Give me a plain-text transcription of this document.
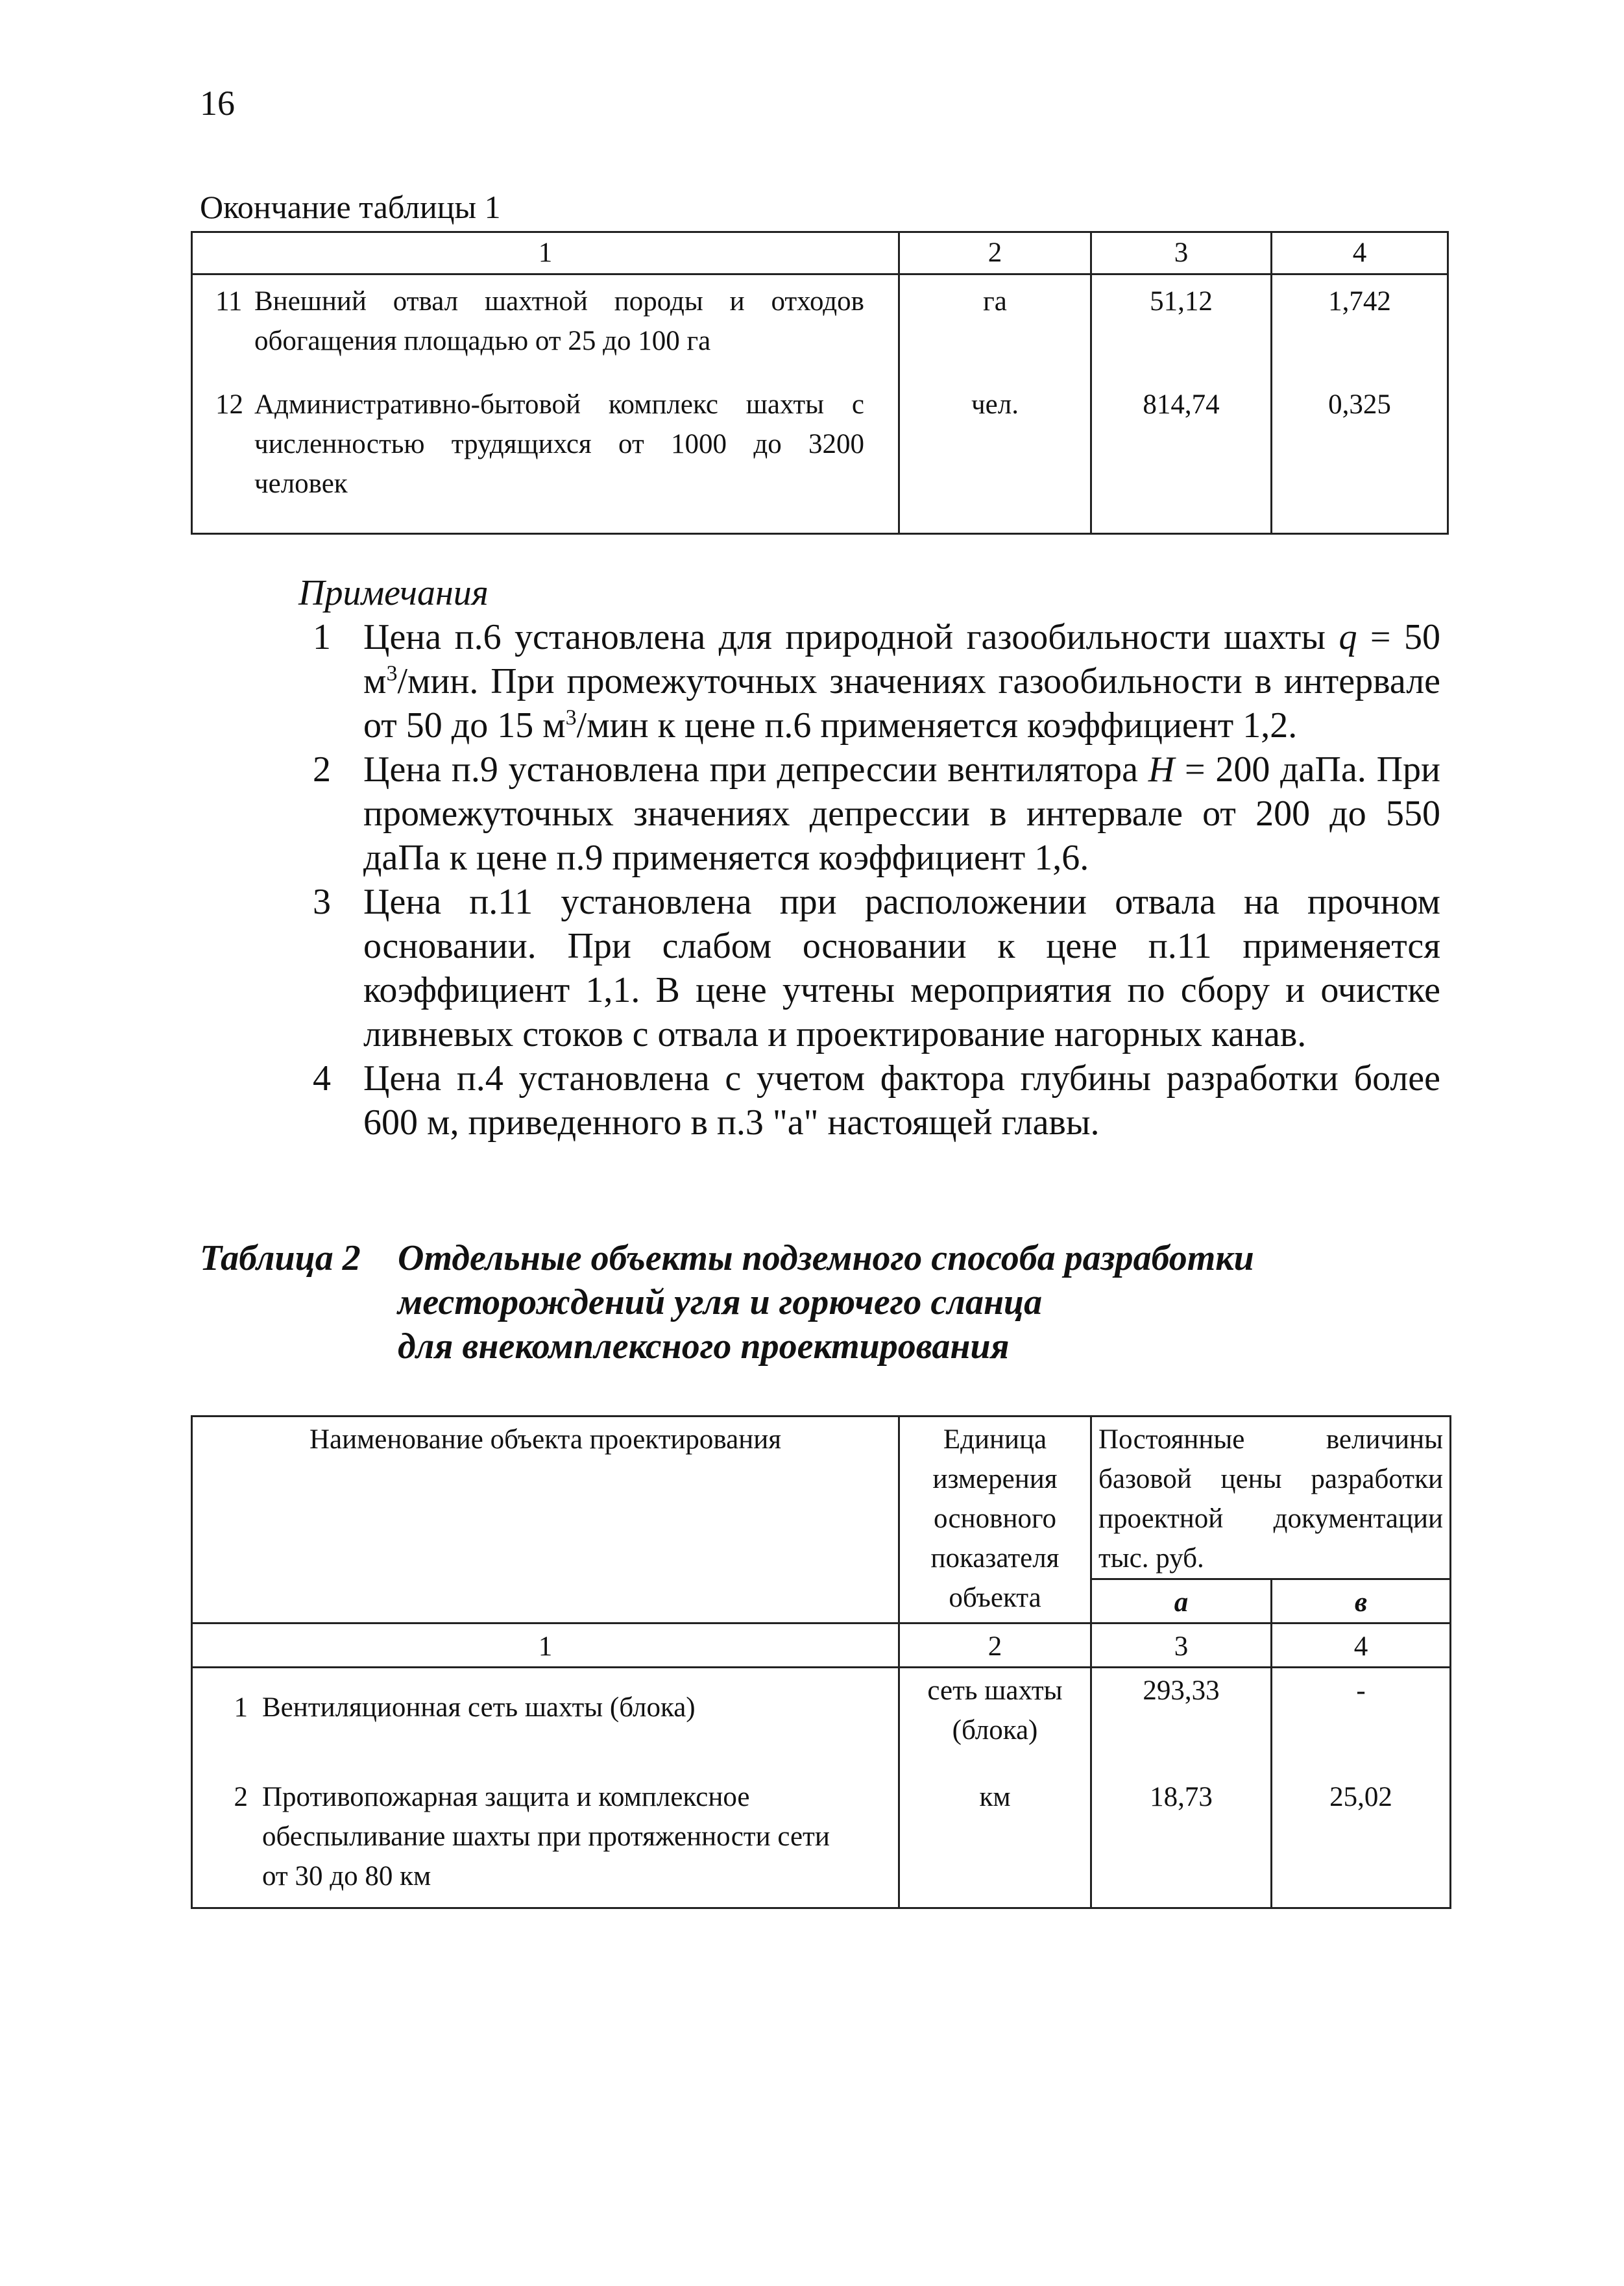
16
Окончание таблицы 1
1	2	3	4
11 Внешний отвал шахтной породы и отходов обогащения площадью от 25 до 100 га	га	51,12	1,742
12 Административно-бытовой комплекс шахты с численностью трудящихся от 1000 до 3200 человек	чел.	814,74	0,325
Примечания
1 Цена п.6 установлена для природной газообильности шахты q = 50 $м^3$/мин. При промежуточных значениях газообильности в интервале от 50 до 15 $м^3$/мин к цене п.6 применяется коэффициент 1,2.
2 Цена п.9 установлена при депрессии вентилятора H = 200 даПа. При промежуточных значениях депрессии в интервале от 200 до 550 даПа к цене п.9 применяется коэффициент 1,6.
3 Цена п.11 установлена при расположении отвала на прочном основании. При слабом основании к цене п.11 применяется коэффициент 1,1. В цене учтены мероприятия по сбору и очистке ливневых стоков с отвала и проектирование нагорных канав.
4 Цена п.4 установлена с учетом фактора глубины разработки более 600 м, приведенного в п.3 "а" настоящей главы.
Таблица 2 Отдельные объекты подземного способа разработки
месторождений угля и горючего сланца
для внекомплексного проектирования
Наименование объекта проектирования	Единица измерения основного показателя объекта	Постоянные величины базовой цены разработки проектной документации тыс. руб.	
		а	в
1	2	3	4
1 Вентиляционная сеть шахты (блока)	сеть шахты (блока)	293,33	-
2 Противопожарная защита и комплексное обеспыливание шахты при протяженности сети от 30 до 80 км	км	18,73	25,02
